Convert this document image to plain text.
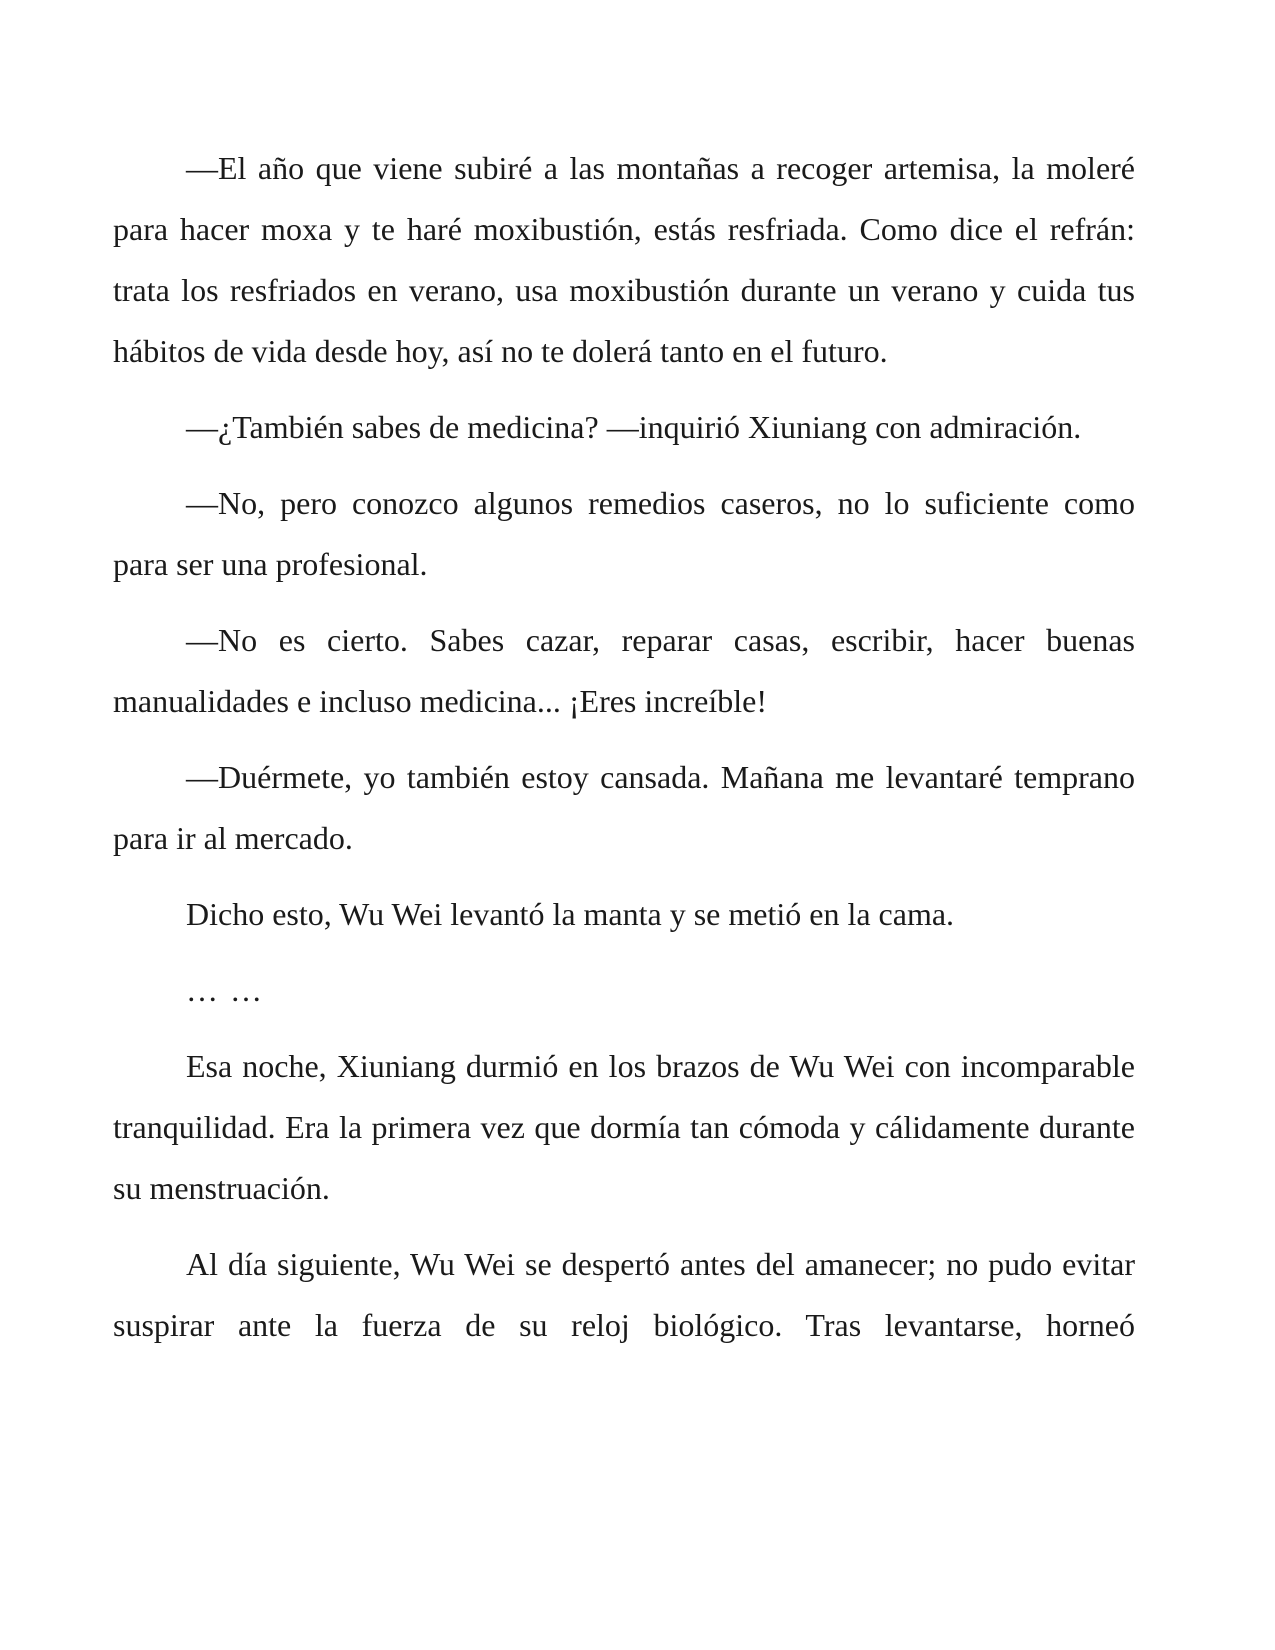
—El año que viene subiré a las montañas a recoger artemisa, la moleré para hacer moxa y te haré moxibustión, estás resfriada. Como dice el refrán: trata los resfriados en verano, usa moxibustión durante un verano y cuida tus hábitos de vida desde hoy, así no te dolerá tanto en el futuro.

—¿También sabes de medicina? —inquirió Xiuniang con admiración.

—No, pero conozco algunos remedios caseros, no lo suficiente como para ser una profesional.

—No es cierto. Sabes cazar, reparar casas, escribir, hacer buenas manualidades e incluso medicina... ¡Eres increíble!

—Duérmete, yo también estoy cansada. Mañana me levantaré temprano para ir al mercado.

Dicho esto, Wu Wei levantó la manta y se metió en la cama.

… …

Esa noche, Xiuniang durmió en los brazos de Wu Wei con incomparable tranquilidad. Era la primera vez que dormía tan cómoda y cálidamente durante su menstruación.

Al día siguiente, Wu Wei se despertó antes del amanecer; no pudo evitar suspirar ante la fuerza de su reloj biológico. Tras levantarse, horneó
